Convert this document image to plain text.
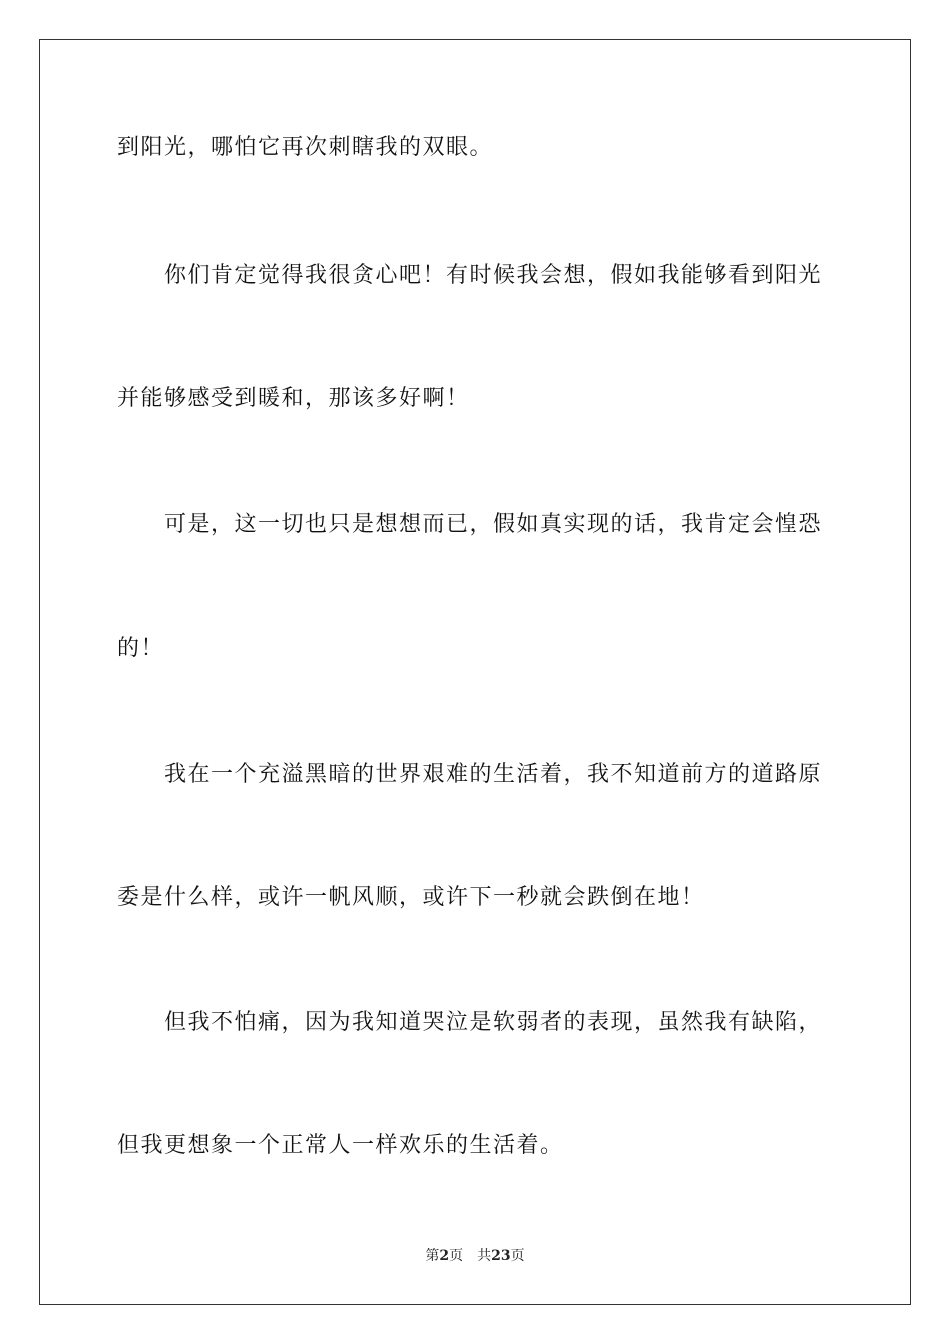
到阳光，哪怕它再次刺瞎我的双眼。
你们肯定觉得我很贪心吧！有时候我会想，假如我能够看到阳光
并能够感受到暖和，那该多好啊！
可是，这一切也只是想想而已，假如真实现的话，我肯定会惶恐
的！
我在一个充溢黑暗的世界艰难的生活着，我不知道前方的道路原
委是什么样，或许一帆风顺，或许下一秒就会跌倒在地！
但我不怕痛，因为我知道哭泣是软弱者的表现，虽然我有缺陷，
但我更想象一个正常人一样欢乐的生活着。
第2页 共23页
